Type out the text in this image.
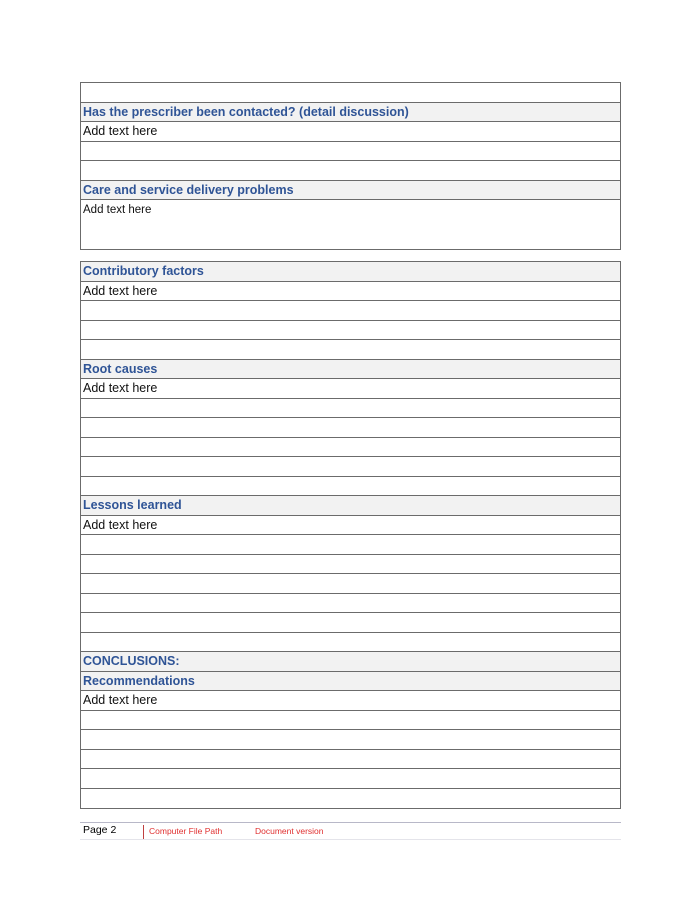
Has the prescriber been contacted? (detail discussion)
Add text here
Care and service delivery problems
Add text here
Contributory factors
Add text here
Root causes
Add text here
Lessons learned
Add text here
CONCLUSIONS:
Recommendations
Add text here
Page 2	Computer File Path	Document version
